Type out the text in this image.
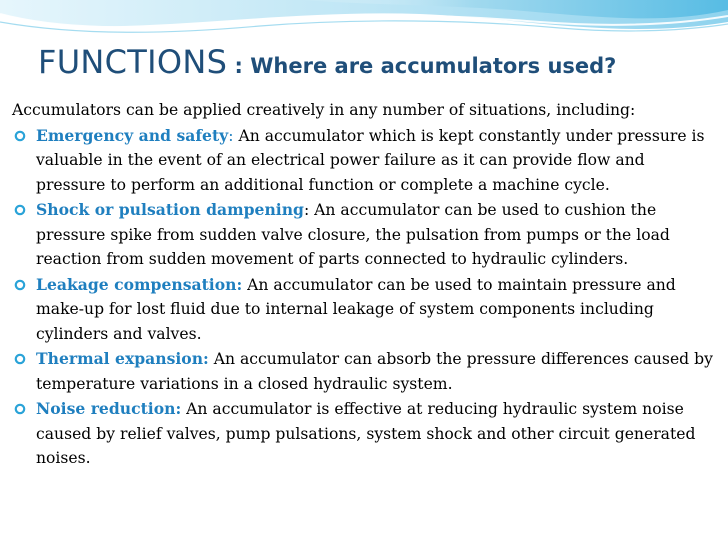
FUNCTIONS : Where are accumulators used?

Accumulators can be applied creatively in any number of situations, including:

Emergency and safety: An accumulator which is kept constantly under pressure is valuable in the event of an electrical power failure as it can provide flow and pressure to perform an additional function or complete a machine cycle.
Shock or pulsation dampening: An accumulator can be used to cushion the pressure spike from sudden valve closure, the pulsation from pumps or the load reaction from sudden movement of parts connected to hydraulic cylinders.
Leakage compensation: An accumulator can be used to maintain pressure and make-up for lost fluid due to internal leakage of system components including cylinders and valves.
Thermal expansion: An accumulator can absorb the pressure differences caused by temperature variations in a closed hydraulic system.
Noise reduction: An accumulator is effective at reducing hydraulic system noise caused by relief valves, pump pulsations, system shock and other circuit generated noises.
